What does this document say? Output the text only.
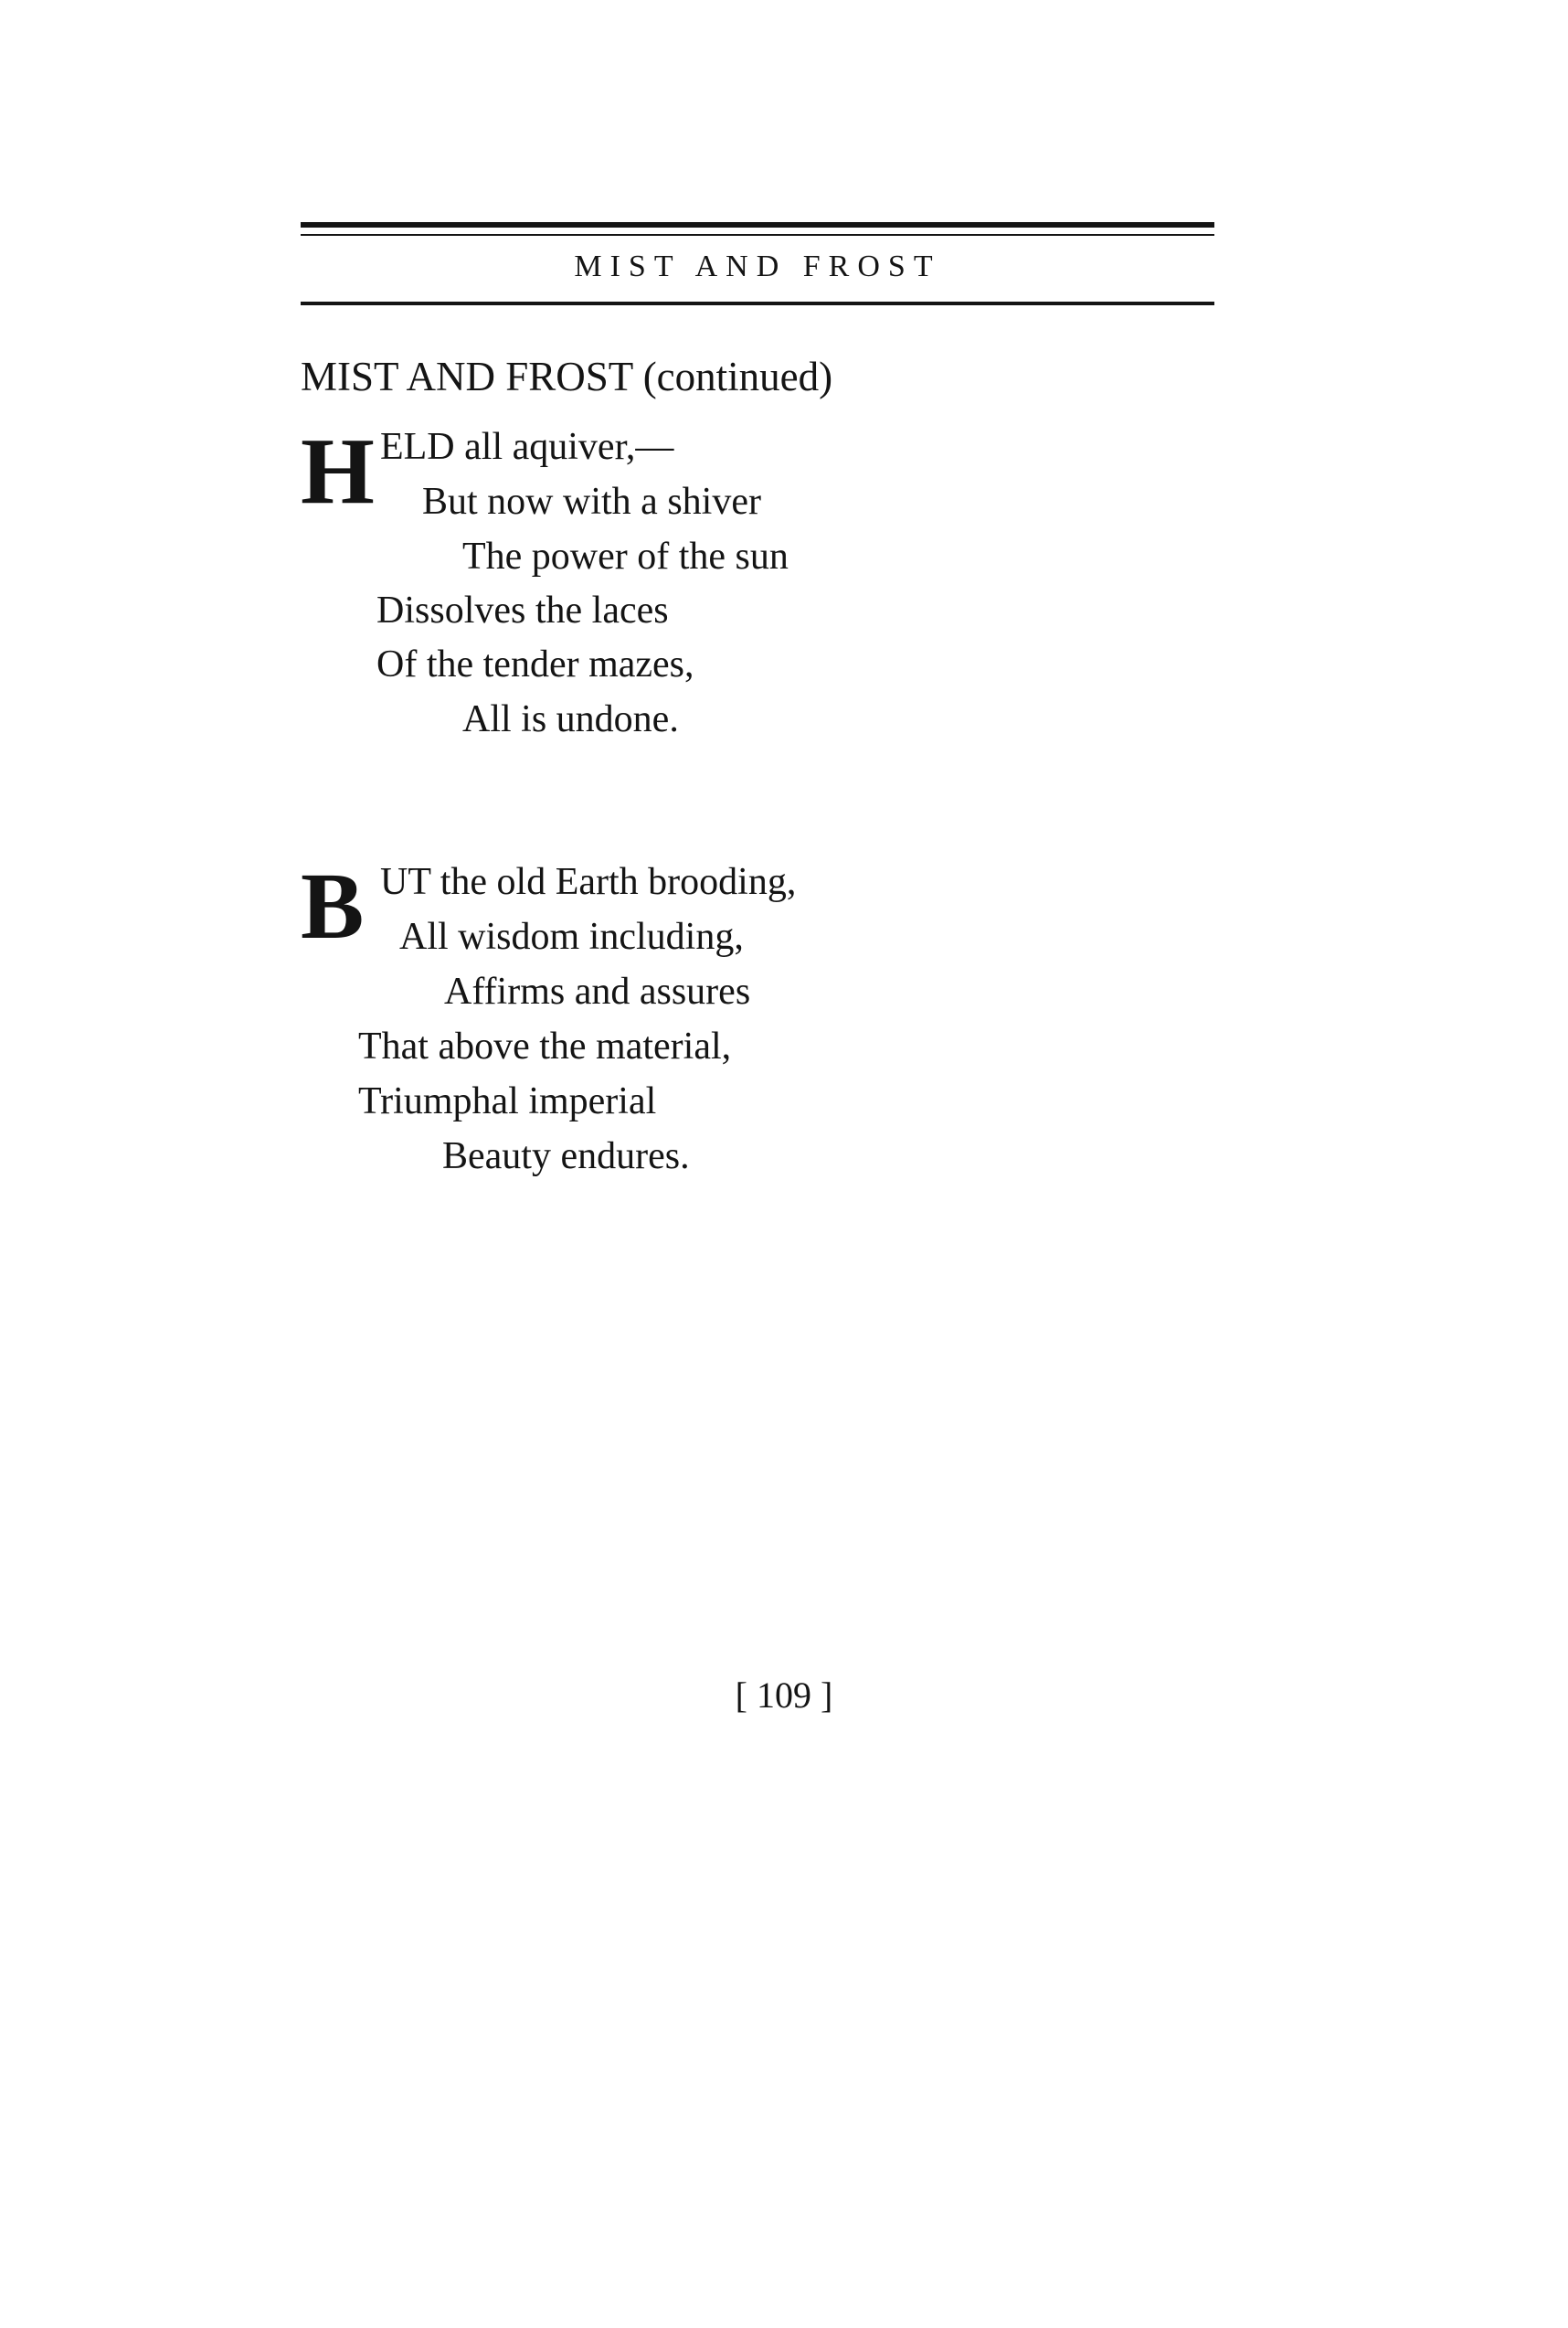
MIST AND FROST
MIST AND FROST (continued)
H ELD all aquiver,—
But now with a shiver
The power of the sun
Dissolves the laces
Of the tender mazes,
All is undone.
B UT the old Earth brooding,
All wisdom including,
Affirms and assures
That above the material,
Triumphal imperial
Beauty endures.
[ 109 ]
